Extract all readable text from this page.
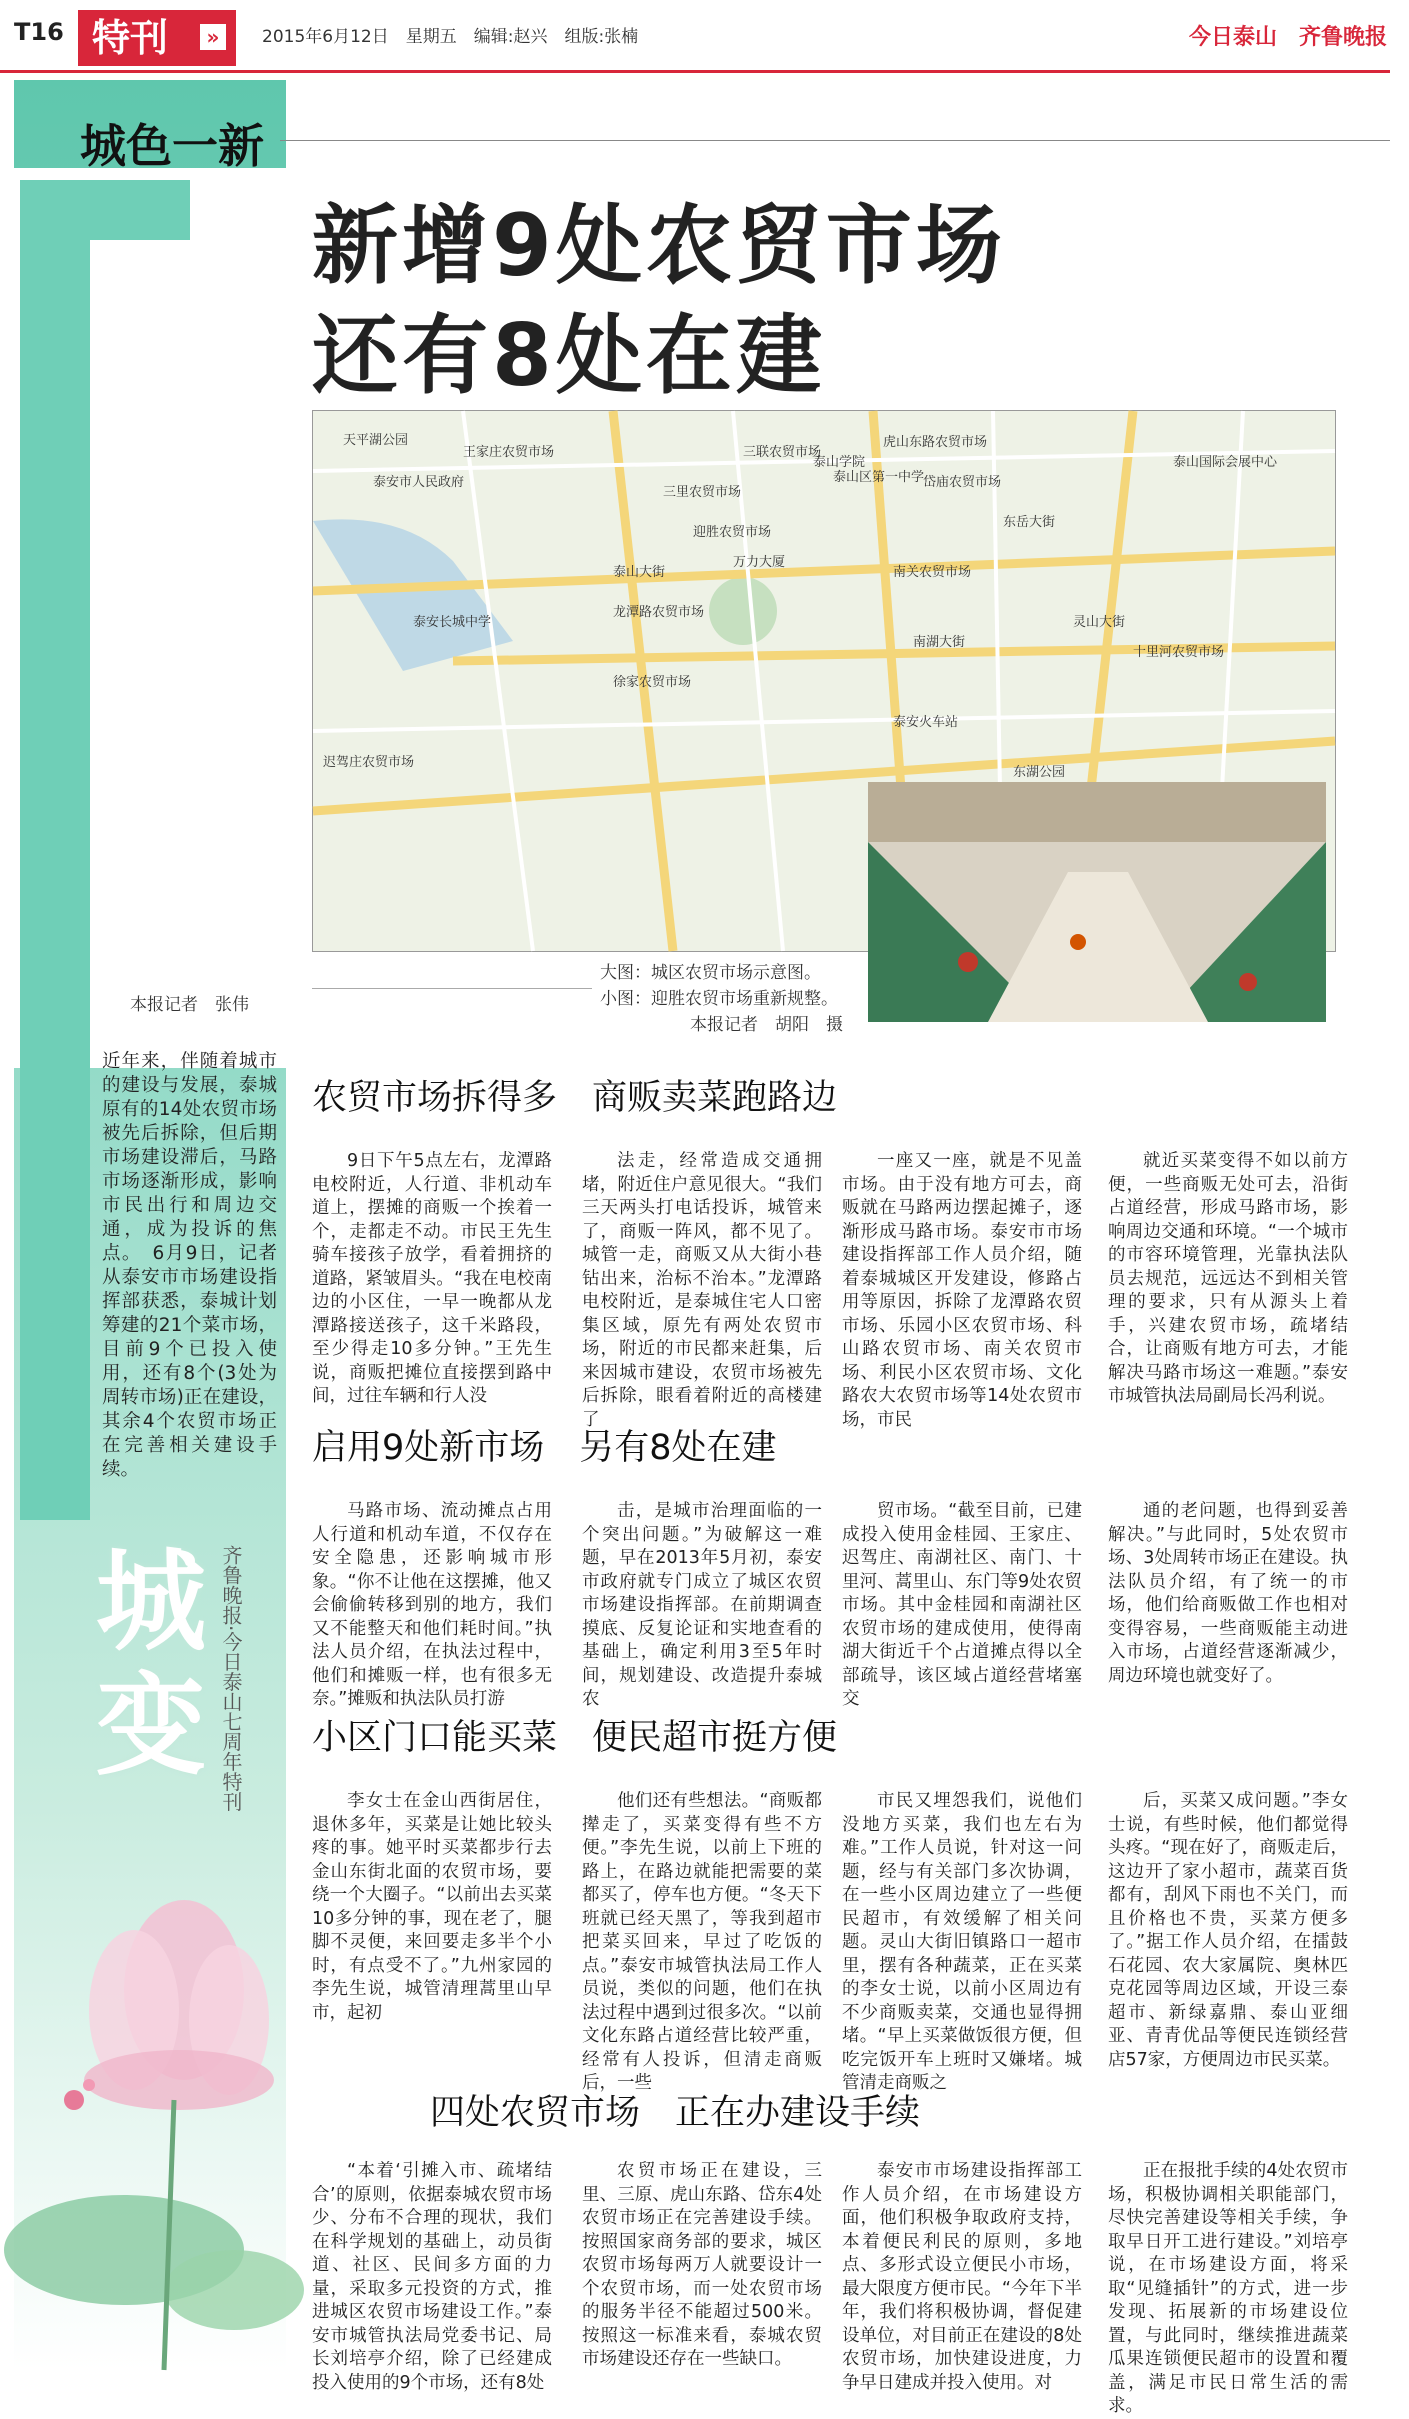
T16 特刊	»	2015年6月12日　星期五　编辑:赵兴　组版:张楠	今日泰山　齐鲁晚报
城色一新
本报记者　张伟
近年来，伴随着城市的建设与发展，泰城原有的14处农贸市场被先后拆除，但后期市场建设滞后，马路市场逐渐形成，影响市民出行和周边交通，成为投诉的焦点。　6月9日，记者从泰安市市场建设指挥部获悉，泰城计划筹建的21个菜市场，目前9个已投入使用，还有8个(3处为周转市场)正在建设，其余4个农贸市场正在完善相关建设手续。
城变 齐鲁晚报·今日泰山七周年特刊
新增9处农贸市场
还有8处在建
天平湖公园
泰安市人民政府
王家庄农贸市场	三联农贸市场
虎山东路农贸市场
泰山区第一中学
岱庙农贸市场
东岳大街
泰山大街
灵山大街
南湖大街
十里河农贸市场
泰山国际会展中心
三里农贸市场
迎胜农贸市场
万力大厦
南关农贸市场
龙潭路农贸市场
徐家农贸市场
迟驾庄农贸市场
泰安长城中学
泰安火车站
泰山学院
东湖公园
大图：城区农贸市场示意图。
小图：迎胜农贸市场重新规整。
本报记者　胡阳　摄
农贸市场拆得多　商贩卖菜跑路边
9日下午5点左右，龙潭路电校附近，人行道、非机动车道上，摆摊的商贩一个挨着一个，走都走不动。市民王先生骑车接孩子放学，看着拥挤的道路，紧皱眉头。“我在电校南边的小区住，一早一晚都从龙潭路接送孩子，这千米路段，至少得走10多分钟。”王先生说，商贩把摊位直接摆到路中间，过往车辆和行人没
法走，经常造成交通拥堵，附近住户意见很大。“我们三天两头打电话投诉，城管来了，商贩一阵风，都不见了。城管一走，商贩又从大街小巷钻出来，治标不治本。”龙潭路电校附近，是泰城住宅人口密集区域，原先有两处农贸市场，附近的市民都来赶集，后来因城市建设，农贸市场被先后拆除，眼看着附近的高楼建了
一座又一座，就是不见盖市场。由于没有地方可去，商贩就在马路两边摆起摊子，逐渐形成马路市场。泰安市市场建设指挥部工作人员介绍，随着泰城城区开发建设，修路占用等原因，拆除了龙潭路农贸市场、乐园小区农贸市场、科山路农贸市场、南关农贸市场、利民小区农贸市场、文化路农大农贸市场等14处农贸市场，市民
就近买菜变得不如以前方便，一些商贩无处可去，沿街占道经营，形成马路市场，影响周边交通和环境。“一个城市的市容环境管理，光靠执法队员去规范，远远达不到相关管理的要求，只有从源头上着手，兴建农贸市场，疏堵结合，让商贩有地方可去，才能解决马路市场这一难题。”泰安市城管执法局副局长冯利说。
启用9处新市场　另有8处在建
马路市场、流动摊点占用人行道和机动车道，不仅存在安全隐患，还影响城市形象。“你不让他在这摆摊，他又会偷偷转移到别的地方，我们又不能整天和他们耗时间。”执法人员介绍，在执法过程中，他们和摊贩一样，也有很多无奈。”摊贩和执法队员打游
击，是城市治理面临的一个突出问题。”为破解这一难题，早在2013年5月初，泰安市政府就专门成立了城区农贸市场建设指挥部。在前期调查摸底、反复论证和实地查看的基础上，确定利用3至5年时间，规划建设、改造提升泰城农
贸市场。“截至目前，已建成投入使用金桂园、王家庄、迟驾庄、南湖社区、南门、十里河、蒿里山、东门等9处农贸市场。其中金桂园和南湖社区农贸市场的建成使用，使得南湖大街近千个占道摊点得以全部疏导，该区域占道经营堵塞交
通的老问题，也得到妥善解决。”与此同时，5处农贸市场、3处周转市场正在建设。执法队员介绍，有了统一的市场，他们给商贩做工作也相对变得容易，一些商贩能主动进入市场，占道经营逐渐减少，周边环境也就变好了。
小区门口能买菜　便民超市挺方便
李女士在金山西街居住，退休多年，买菜是让她比较头疼的事。她平时买菜都步行去金山东街北面的农贸市场，要绕一个大圈子。“以前出去买菜10多分钟的事，现在老了，腿脚不灵便，来回要走多半个小时，有点受不了。”九州家园的李先生说，城管清理蒿里山早市，起初
他们还有些想法。“商贩都撵走了，买菜变得有些不方便。”李先生说，以前上下班的路上，在路边就能把需要的菜都买了，停车也方便。“冬天下班就已经天黑了，等我到超市把菜买回来，早过了吃饭的点。”泰安市城管执法局工作人员说，类似的问题，他们在执法过程中遇到过很多次。“以前文化东路占道经营比较严重，经常有人投诉，但清走商贩后，一些
市民又埋怨我们，说他们没地方买菜，我们也左右为难。”工作人员说，针对这一问题，经与有关部门多次协调，在一些小区周边建立了一些便民超市，有效缓解了相关问题。灵山大街旧镇路口一超市里，摆有各种蔬菜，正在买菜的李女士说，以前小区周边有不少商贩卖菜，交通也显得拥堵。“早上买菜做饭很方便，但吃完饭开车上班时又嫌堵。城管清走商贩之
后，买菜又成问题。”李女士说，有些时候，他们都觉得头疼。“现在好了，商贩走后，这边开了家小超市，蔬菜百货都有，刮风下雨也不关门，而且价格也不贵，买菜方便多了。”据工作人员介绍，在擂鼓石花园、农大家属院、奥林匹克花园等周边区域，开设三泰超市、新绿嘉鼎、泰山亚细亚、青青优品等便民连锁经营店57家，方便周边市民买菜。
四处农贸市场　正在办建设手续
“本着‘引摊入市、疏堵结合’的原则，依据泰城农贸市场少、分布不合理的现状，我们在科学规划的基础上，动员街道、社区、民间多方面的力量，采取多元投资的方式，推进城区农贸市场建设工作。”泰安市城管执法局党委书记、局长刘培亭介绍，除了已经建成投入使用的9个市场，还有8处
农贸市场正在建设，三里、三原、虎山东路、岱东4处农贸市场正在完善建设手续。按照国家商务部的要求，城区农贸市场每两万人就要设计一个农贸市场，而一处农贸市场的服务半径不能超过500米。按照这一标准来看，泰城农贸市场建设还存在一些缺口。
泰安市市场建设指挥部工作人员介绍，在市场建设方面，他们积极争取政府支持，本着便民利民的原则，多地点、多形式设立便民小市场，最大限度方便市民。“今年下半年，我们将积极协调，督促建设单位，对目前正在建设的8处农贸市场，加快建设进度，力争早日建成并投入使用。对
正在报批手续的4处农贸市场，积极协调相关职能部门，尽快完善建设等相关手续，争取早日开工进行建设。”刘培亭说，在市场建设方面，将采取“见缝插针”的方式，进一步发现、拓展新的市场建设位置，与此同时，继续推进蔬菜瓜果连锁便民超市的设置和覆盖，满足市民日常生活的需求。
